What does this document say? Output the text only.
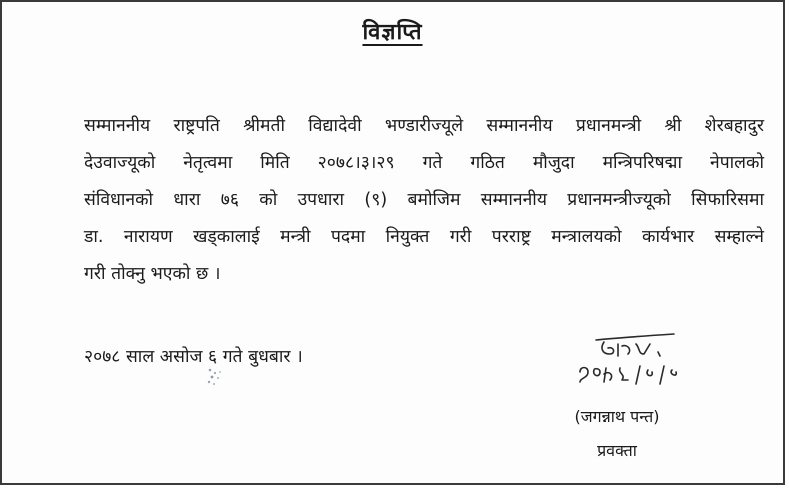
विज्ञप्ति
सम्माननीय राष्ट्रपति श्रीमती विद्यादेवी भण्डारीज्यूले सम्माननीय प्रधानमन्त्री श्री शेरबहादुर
देउवाज्यूको नेतृत्वमा मिति २०७८।३।२९ गते गठित मौजुदा मन्त्रिपरिषद्मा नेपालको
संविधानको धारा ७६ को उपधारा (९) बमोजिम सम्माननीय प्रधानमन्त्रीज्यूको सिफारिसमा
डा. नारायण खड्कालाई मन्त्री पदमा नियुक्त गरी परराष्ट्र मन्त्रालयको कार्यभार सम्हाल्ने
गरी तोक्नु भएको छ ।
२०७८ साल असोज ६ गते बुधबार ।
(जगन्नाथ पन्त)
प्रवक्ता
